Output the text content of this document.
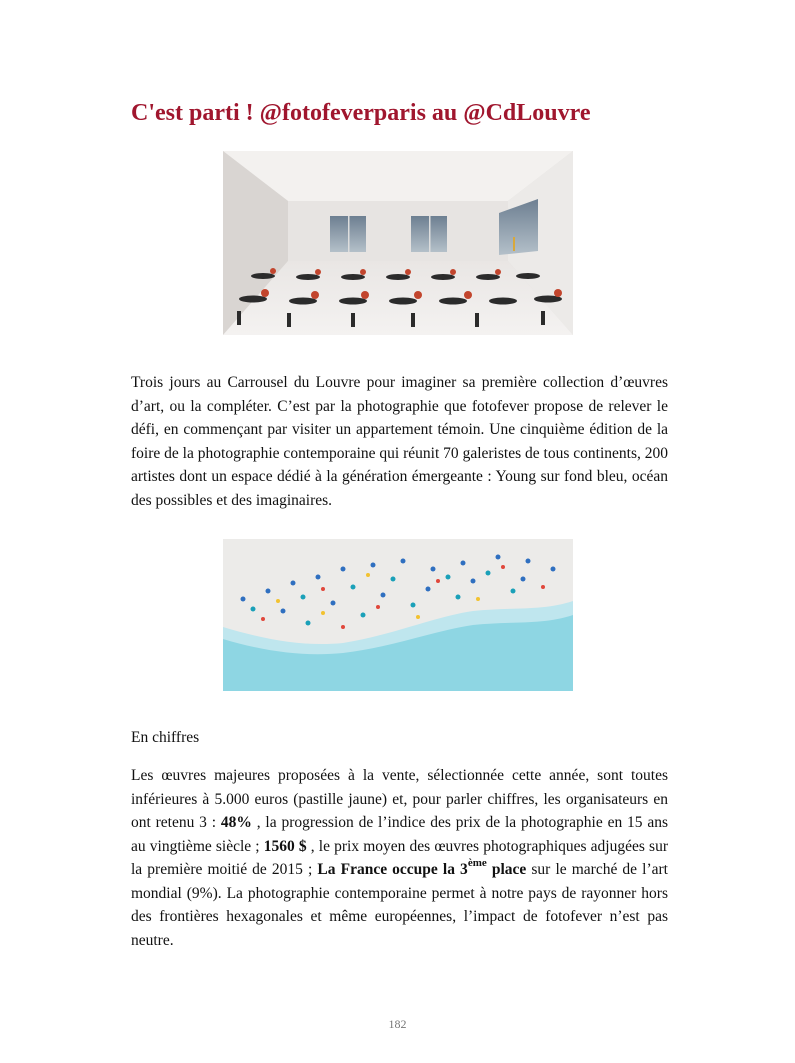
C'est parti ! @fotofeverparis au @CdLouvre

Trois jours au Carrousel du Louvre pour imaginer sa première collection d’œuvres d’art, ou la compléter. C’est par la photographie que fotofever propose de relever le défi, en commençant par visiter un appartement témoin. Une cinquième édition de la foire de la photographie contemporaine qui réunit 70 galeristes de tous continents, 200 artistes dont un espace dédié à la génération émergeante : Young sur fond bleu, océan des possibles et des imaginaires.

En chiffres

Les œuvres majeures proposées à la vente, sélectionnée cette année, sont toutes inférieures à 5.000 euros (pastille jaune) et, pour parler chiffres, les organisateurs en ont retenu 3 : 48% , la progression de l’indice des prix de la photographie en 15 ans au vingtième siècle ; 1560 $ , le prix moyen des œuvres photographiques adjugées sur la première moitié de 2015 ; La France occupe la 3ème place sur le marché de l’art mondial (9%). La photographie contemporaine permet à notre pays de rayonner hors des frontières hexagonales et même européennes, l’impact de fotofever n’est pas neutre.

182
